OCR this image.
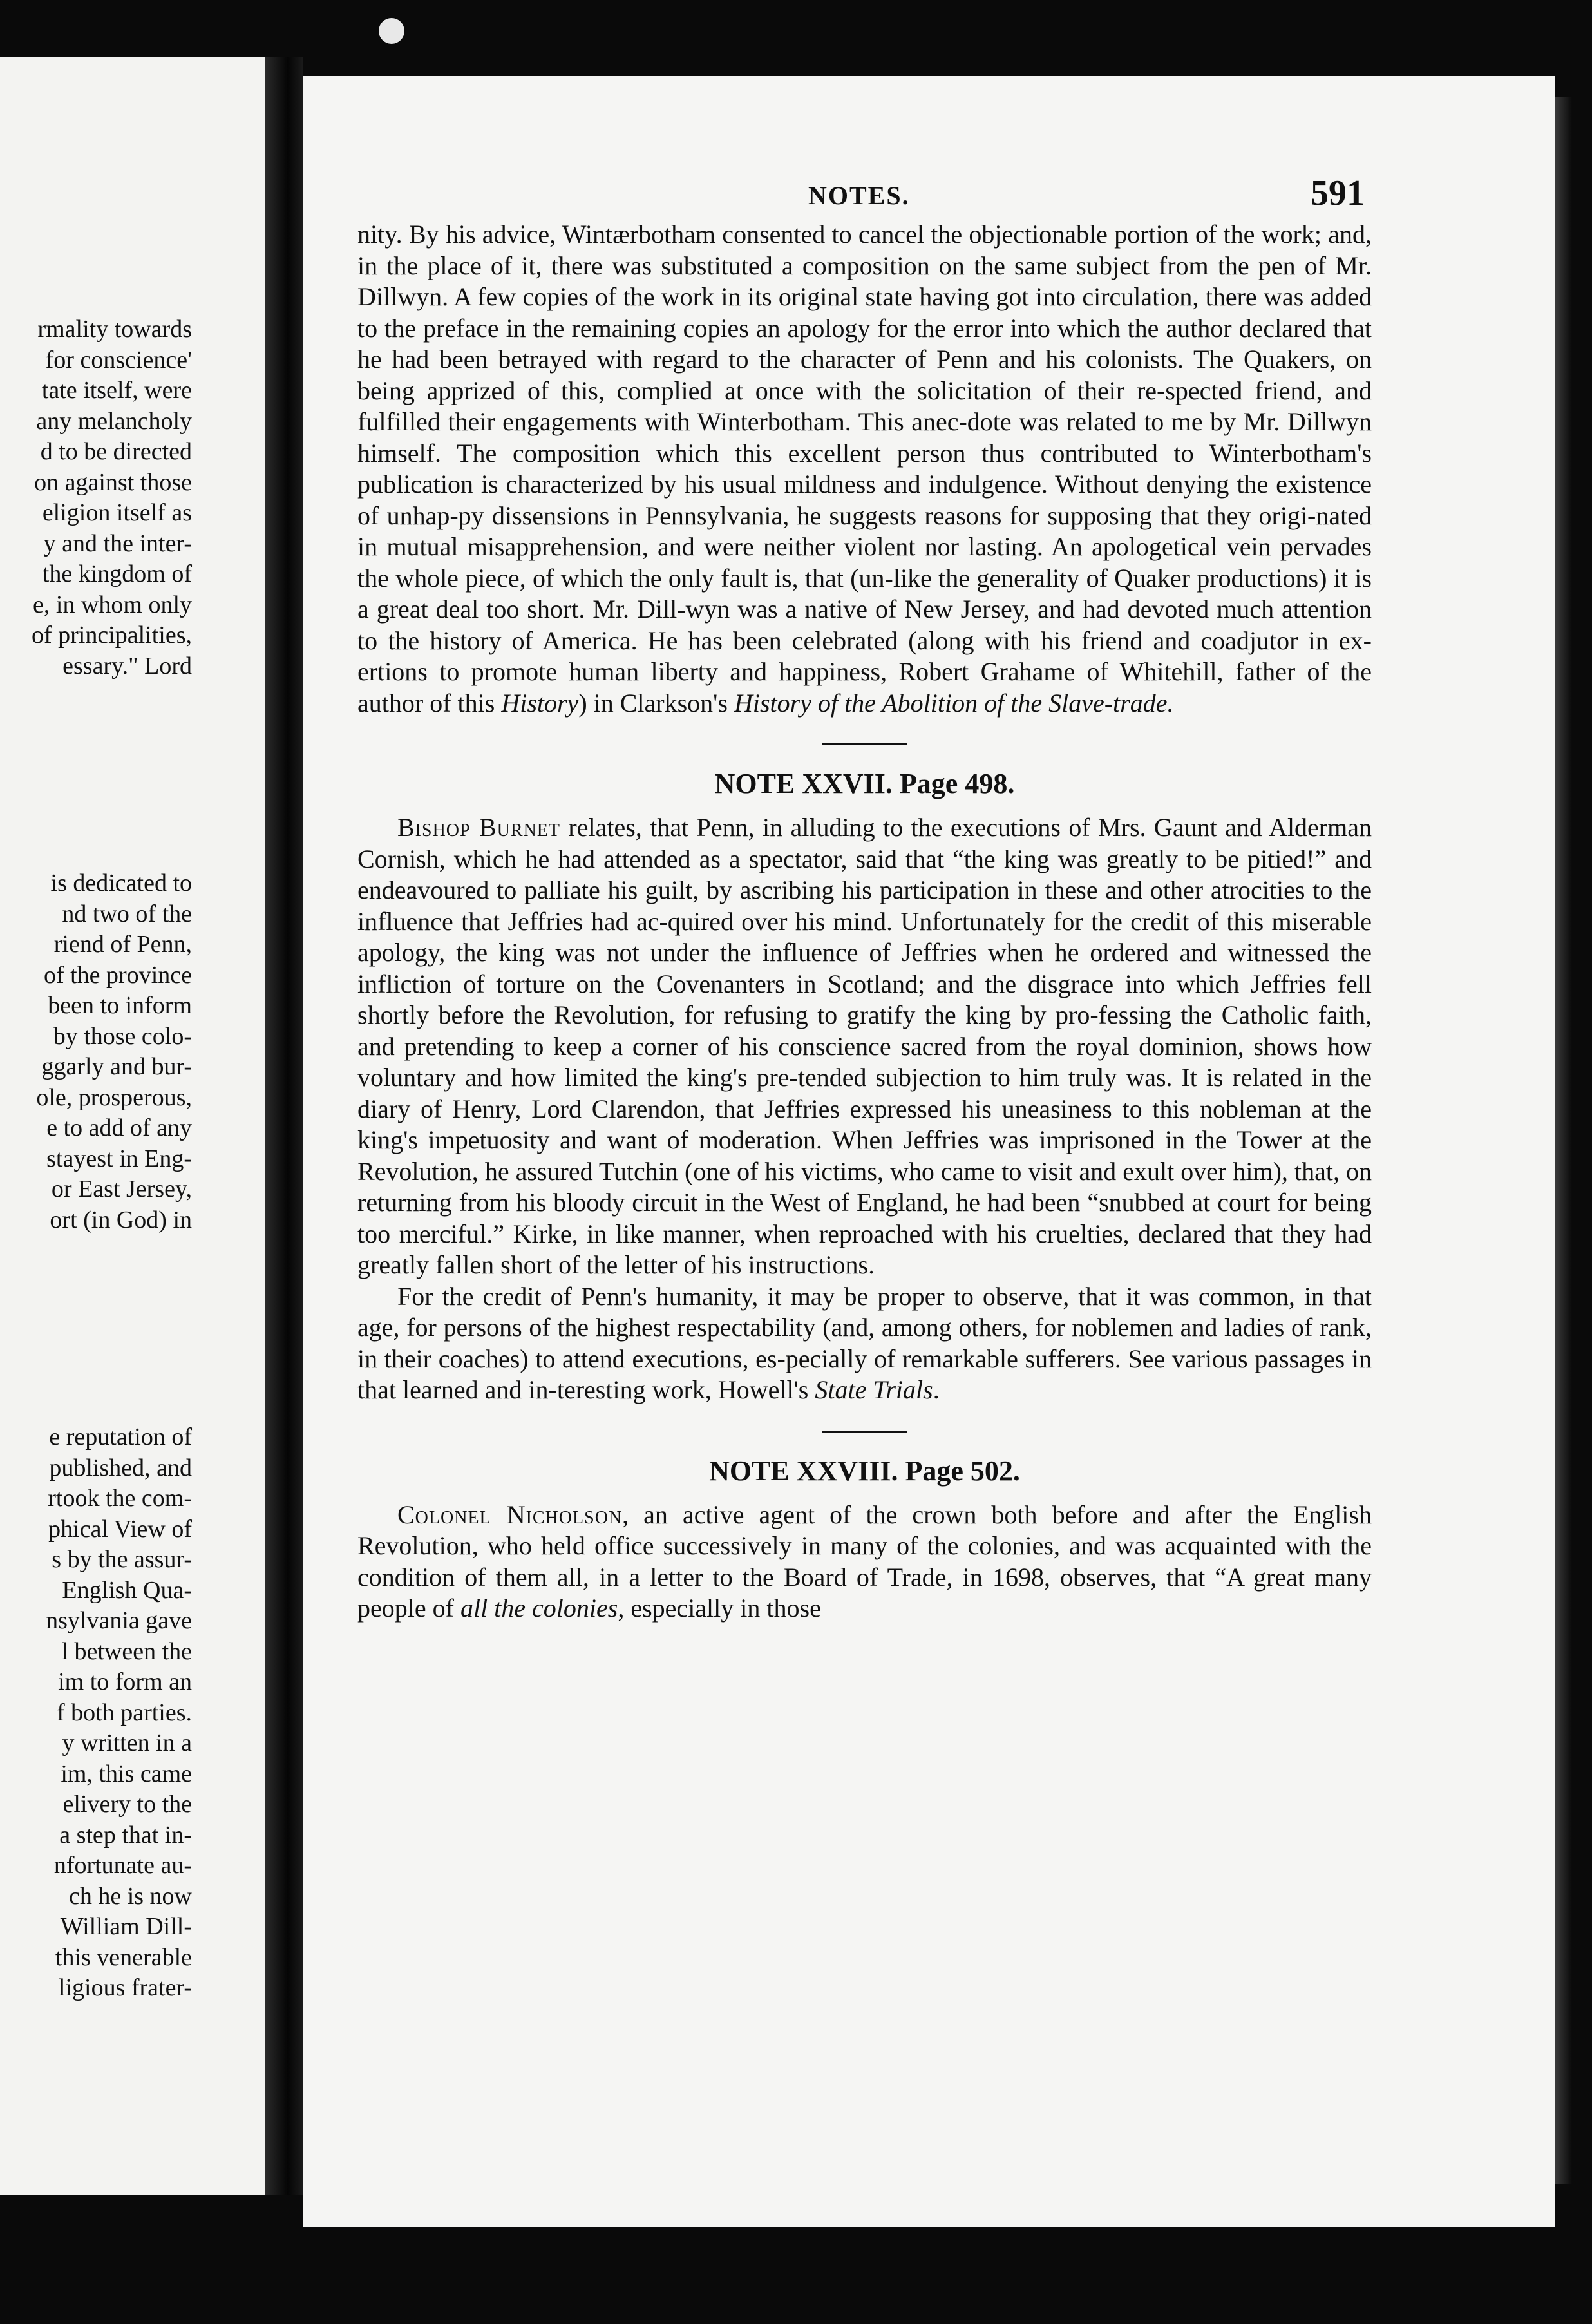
rmality towards
for conscience'
tate itself, were
any melancholy
d to be directed
on against those
eligion itself as
y and the inter-
the kingdom of
e, in whom only
of principalities,
essary." Lord
is dedicated to
nd two of the
riend of Penn,
of the province
been to inform
by those colo-
ggarly and bur-
ole, prosperous,
e to add of any
stayest in Eng-
or East Jersey,
ort (in God) in
e reputation of
published, and
rtook the com-
phical View of
s by the assur-
English Qua-
nsylvania gave
l between the
im to form an
f both parties.
y written in a
im, this came
elivery to the
a step that in-
nfortunate au-
ch he is now
William Dill-
this venerable
ligious frater-
NOTES.	591

nity. By his advice, Wintærbotham consented to cancel the objectionable portion of the work; and, in the place of it, there was substituted a composition on the same subject from the pen of Mr. Dillwyn. A few copies of the work in its original state having got into circulation, there was added to the preface in the remaining copies an apology for the error into which the author declared that he had been betrayed with regard to the character of Penn and his colonists. The Quakers, on being apprized of this, complied at once with the solicitation of their re-spected friend, and fulfilled their engagements with Winterbotham. This anec-dote was related to me by Mr. Dillwyn himself. The composition which this excellent person thus contributed to Winterbotham's publication is characterized by his usual mildness and indulgence. Without denying the existence of unhap-py dissensions in Pennsylvania, he suggests reasons for supposing that they origi-nated in mutual misapprehension, and were neither violent nor lasting. An apologetical vein pervades the whole piece, of which the only fault is, that (un-like the generality of Quaker productions) it is a great deal too short. Mr. Dill-wyn was a native of New Jersey, and had devoted much attention to the history of America. He has been celebrated (along with his friend and coadjutor in ex-ertions to promote human liberty and happiness, Robert Grahame of Whitehill, father of the author of this History) in Clarkson's History of the Abolition of the Slave-trade.

NOTE XXVII. Page 498.

Bishop Burnet relates, that Penn, in alluding to the executions of Mrs. Gaunt and Alderman Cornish, which he had attended as a spectator, said that “the king was greatly to be pitied!” and endeavoured to palliate his guilt, by ascribing his participation in these and other atrocities to the influence that Jeffries had ac-quired over his mind. Unfortunately for the credit of this miserable apology, the king was not under the influence of Jeffries when he ordered and witnessed the infliction of torture on the Covenanters in Scotland; and the disgrace into which Jeffries fell shortly before the Revolution, for refusing to gratify the king by pro-fessing the Catholic faith, and pretending to keep a corner of his conscience sacred from the royal dominion, shows how voluntary and how limited the king's pre-tended subjection to him truly was. It is related in the diary of Henry, Lord Clarendon, that Jeffries expressed his uneasiness to this nobleman at the king's impetuosity and want of moderation. When Jeffries was imprisoned in the Tower at the Revolution, he assured Tutchin (one of his victims, who came to visit and exult over him), that, on returning from his bloody circuit in the West of England, he had been “snubbed at court for being too merciful.” Kirke, in like manner, when reproached with his cruelties, declared that they had greatly fallen short of the letter of his instructions.

For the credit of Penn's humanity, it may be proper to observe, that it was common, in that age, for persons of the highest respectability (and, among others, for noblemen and ladies of rank, in their coaches) to attend executions, es-pecially of remarkable sufferers. See various passages in that learned and in-teresting work, Howell's State Trials.

NOTE XXVIII. Page 502.

Colonel Nicholson, an active agent of the crown both before and after the English Revolution, who held office successively in many of the colonies, and was acquainted with the condition of them all, in a letter to the Board of Trade, in 1698, observes, that “A great many people of all the colonies, especially in those
